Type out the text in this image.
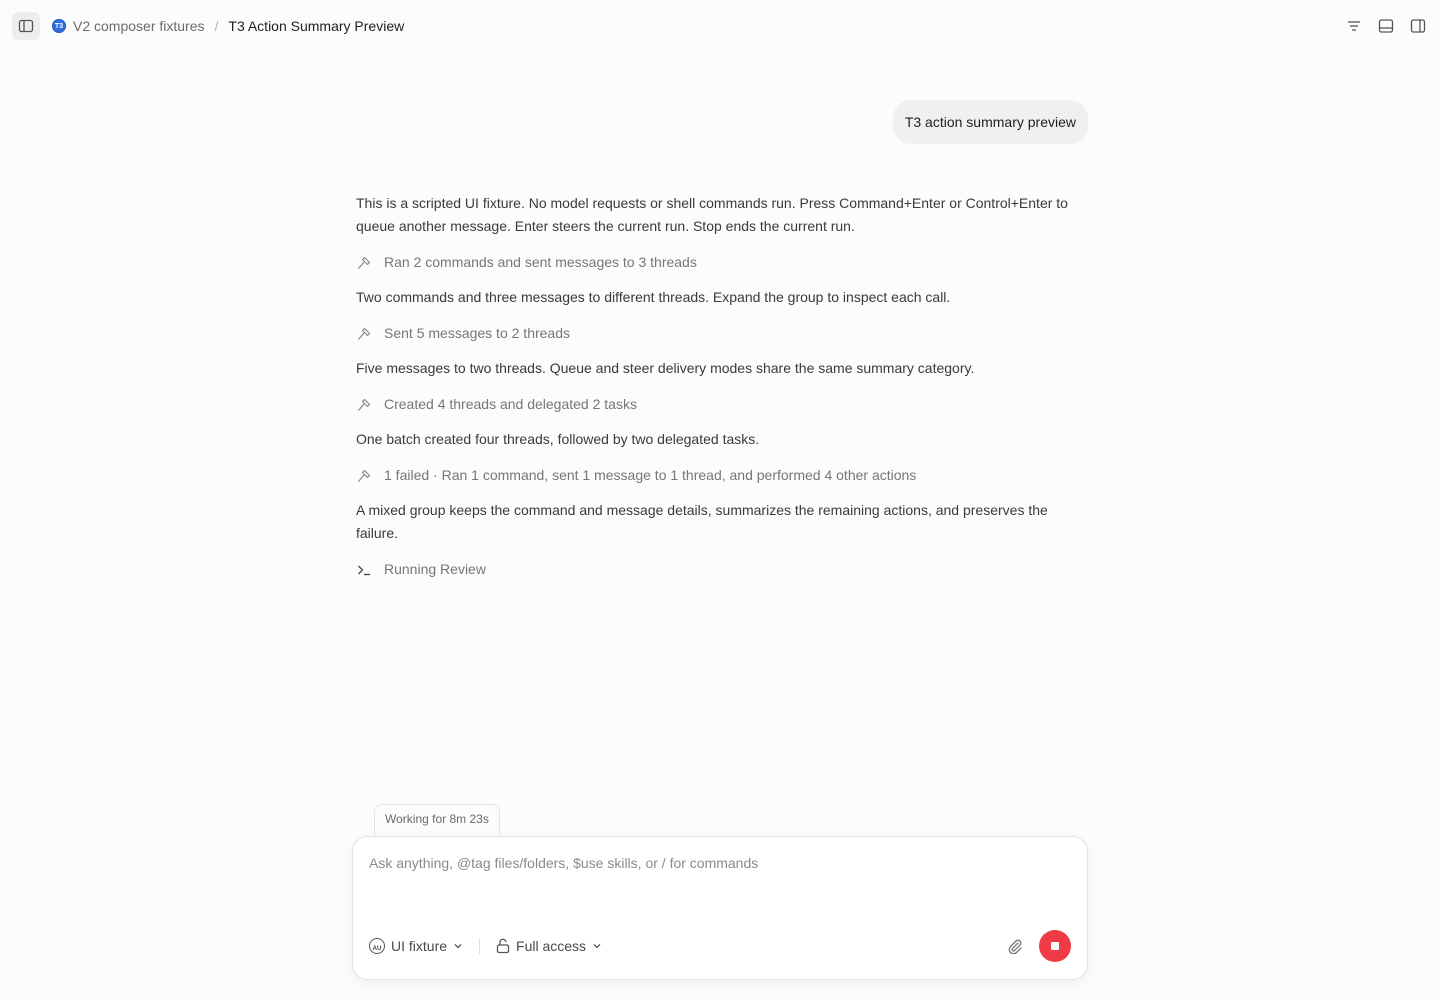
T3 V2 composer fixtures / T3 Action Summary Preview
T3 action summary preview

This is a scripted UI fixture. No model requests or shell commands run. Press Command+Enter or Control+Enter to queue another message. Enter steers the current run. Stop ends the current run.

Ran 2 commands and sent messages to 3 threads

Two commands and three messages to different threads. Expand the group to inspect each call.

Sent 5 messages to 2 threads

Five messages to two threads. Queue and steer delivery modes share the same summary category.

Created 4 threads and delegated 2 tasks

One batch created four threads, followed by two delegated tasks.

1 failed · Ran 1 command, sent 1 message to 1 thread, and performed 4 other actions

A mixed group keeps the command and message details, summarizes the remaining actions, and preserves the failure.

Running Review
Working for 8m 23s
Ask anything, @tag files/folders, $use skills, or / for commands
AU UI fixture	Full access
